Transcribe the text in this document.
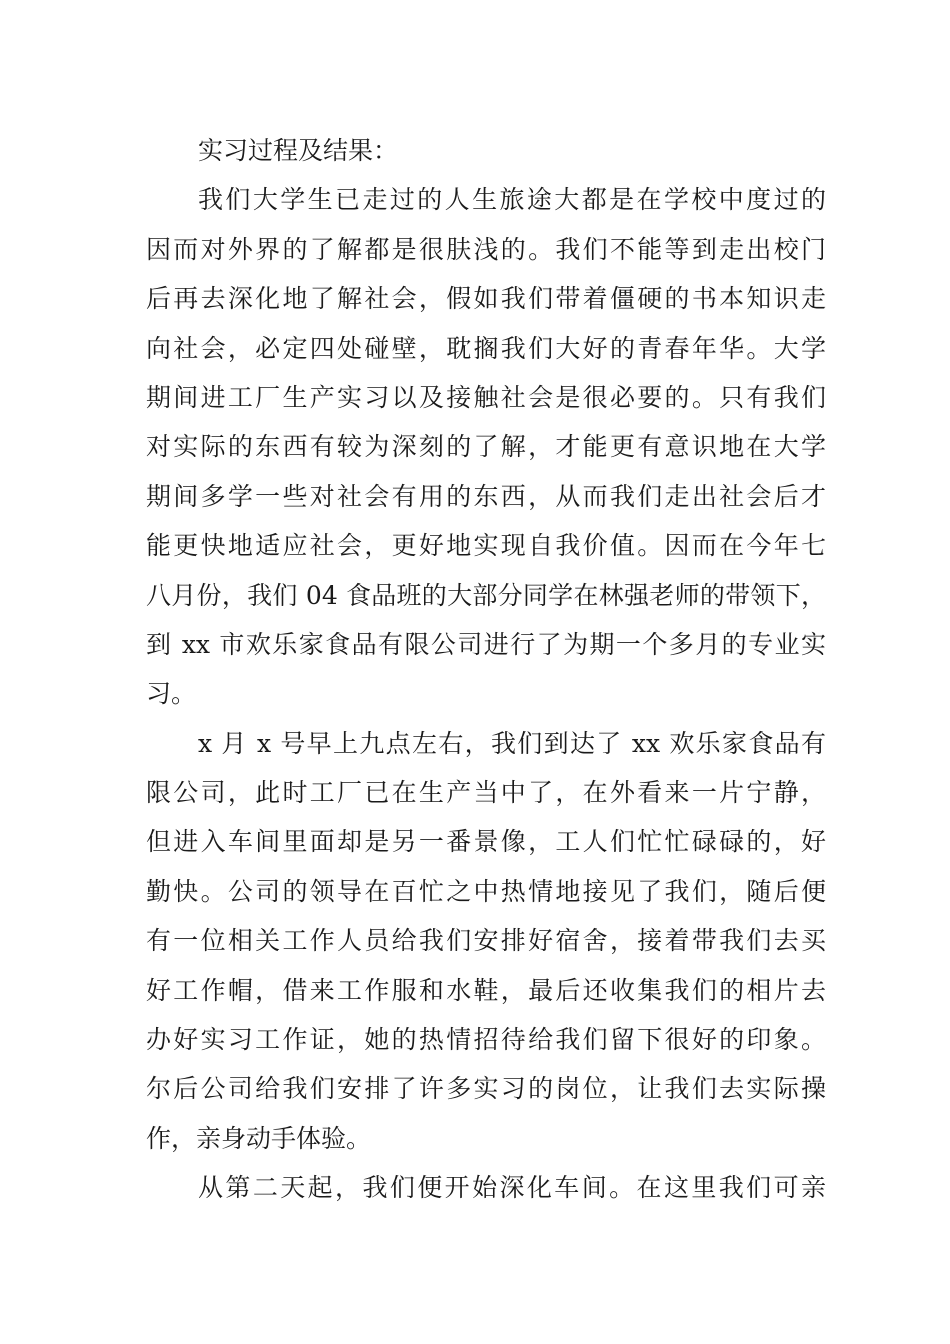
实习过程及结果：
我们大学生已走过的人生旅途大都是在学校中度过的
因而对外界的了解都是很肤浅的。我们不能等到走出校门
后再去深化地了解社会，假如我们带着僵硬的书本知识走
向社会，必定四处碰壁，耽搁我们大好的青春年华。大学
期间进工厂生产实习以及接触社会是很必要的。只有我们
对实际的东西有较为深刻的了解，才能更有意识地在大学
期间多学一些对社会有用的东西，从而我们走出社会后才
能更快地适应社会，更好地实现自我价值。因而在今年七
八月份，我们 04 食品班的大部分同学在林强老师的带领下，
到 xx 市欢乐家食品有限公司进行了为期一个多月的专业实
习。
x 月 x 号早上九点左右，我们到达了 xx 欢乐家食品有
限公司，此时工厂已在生产当中了，在外看来一片宁静，
但进入车间里面却是另一番景像，工人们忙忙碌碌的，好
勤快。公司的领导在百忙之中热情地接见了我们，随后便
有一位相关工作人员给我们安排好宿舍，接着带我们去买
好工作帽，借来工作服和水鞋，最后还收集我们的相片去
办好实习工作证，她的热情招待给我们留下很好的印象。
尔后公司给我们安排了许多实习的岗位，让我们去实际操
作，亲身动手体验。
从第二天起，我们便开始深化车间。在这里我们可亲
